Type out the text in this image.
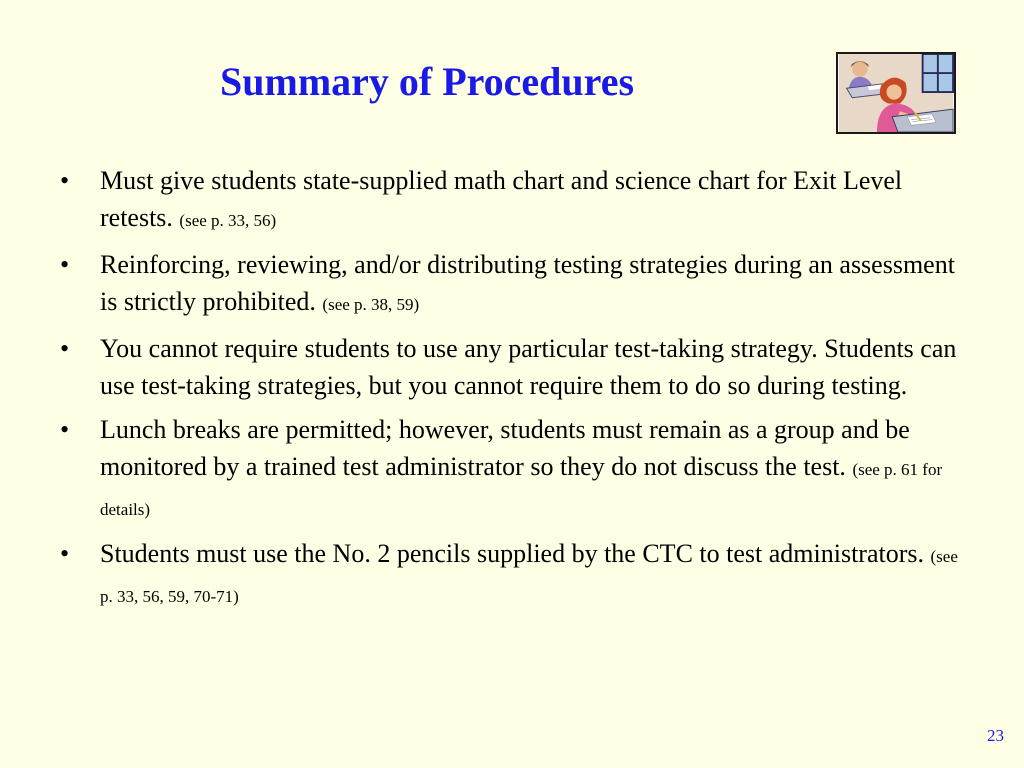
Summary of Procedures
•	Must give students state-supplied math chart and science chart for Exit Level retests. (see p. 33, 56)
•	Reinforcing, reviewing, and/or distributing testing strategies during an assessment is strictly prohibited. (see p. 38, 59)
•	You cannot require students to use any particular test-taking strategy. Students can use test-taking strategies, but you cannot require them to do so during testing.
•	Lunch breaks are permitted; however, students must remain as a group and be monitored by a trained test administrator so they do not discuss the test. (see p. 61 for details)
•	Students must use the No. 2 pencils supplied by the CTC to test administrators. (see p. 33, 56, 59, 70-71)
23
